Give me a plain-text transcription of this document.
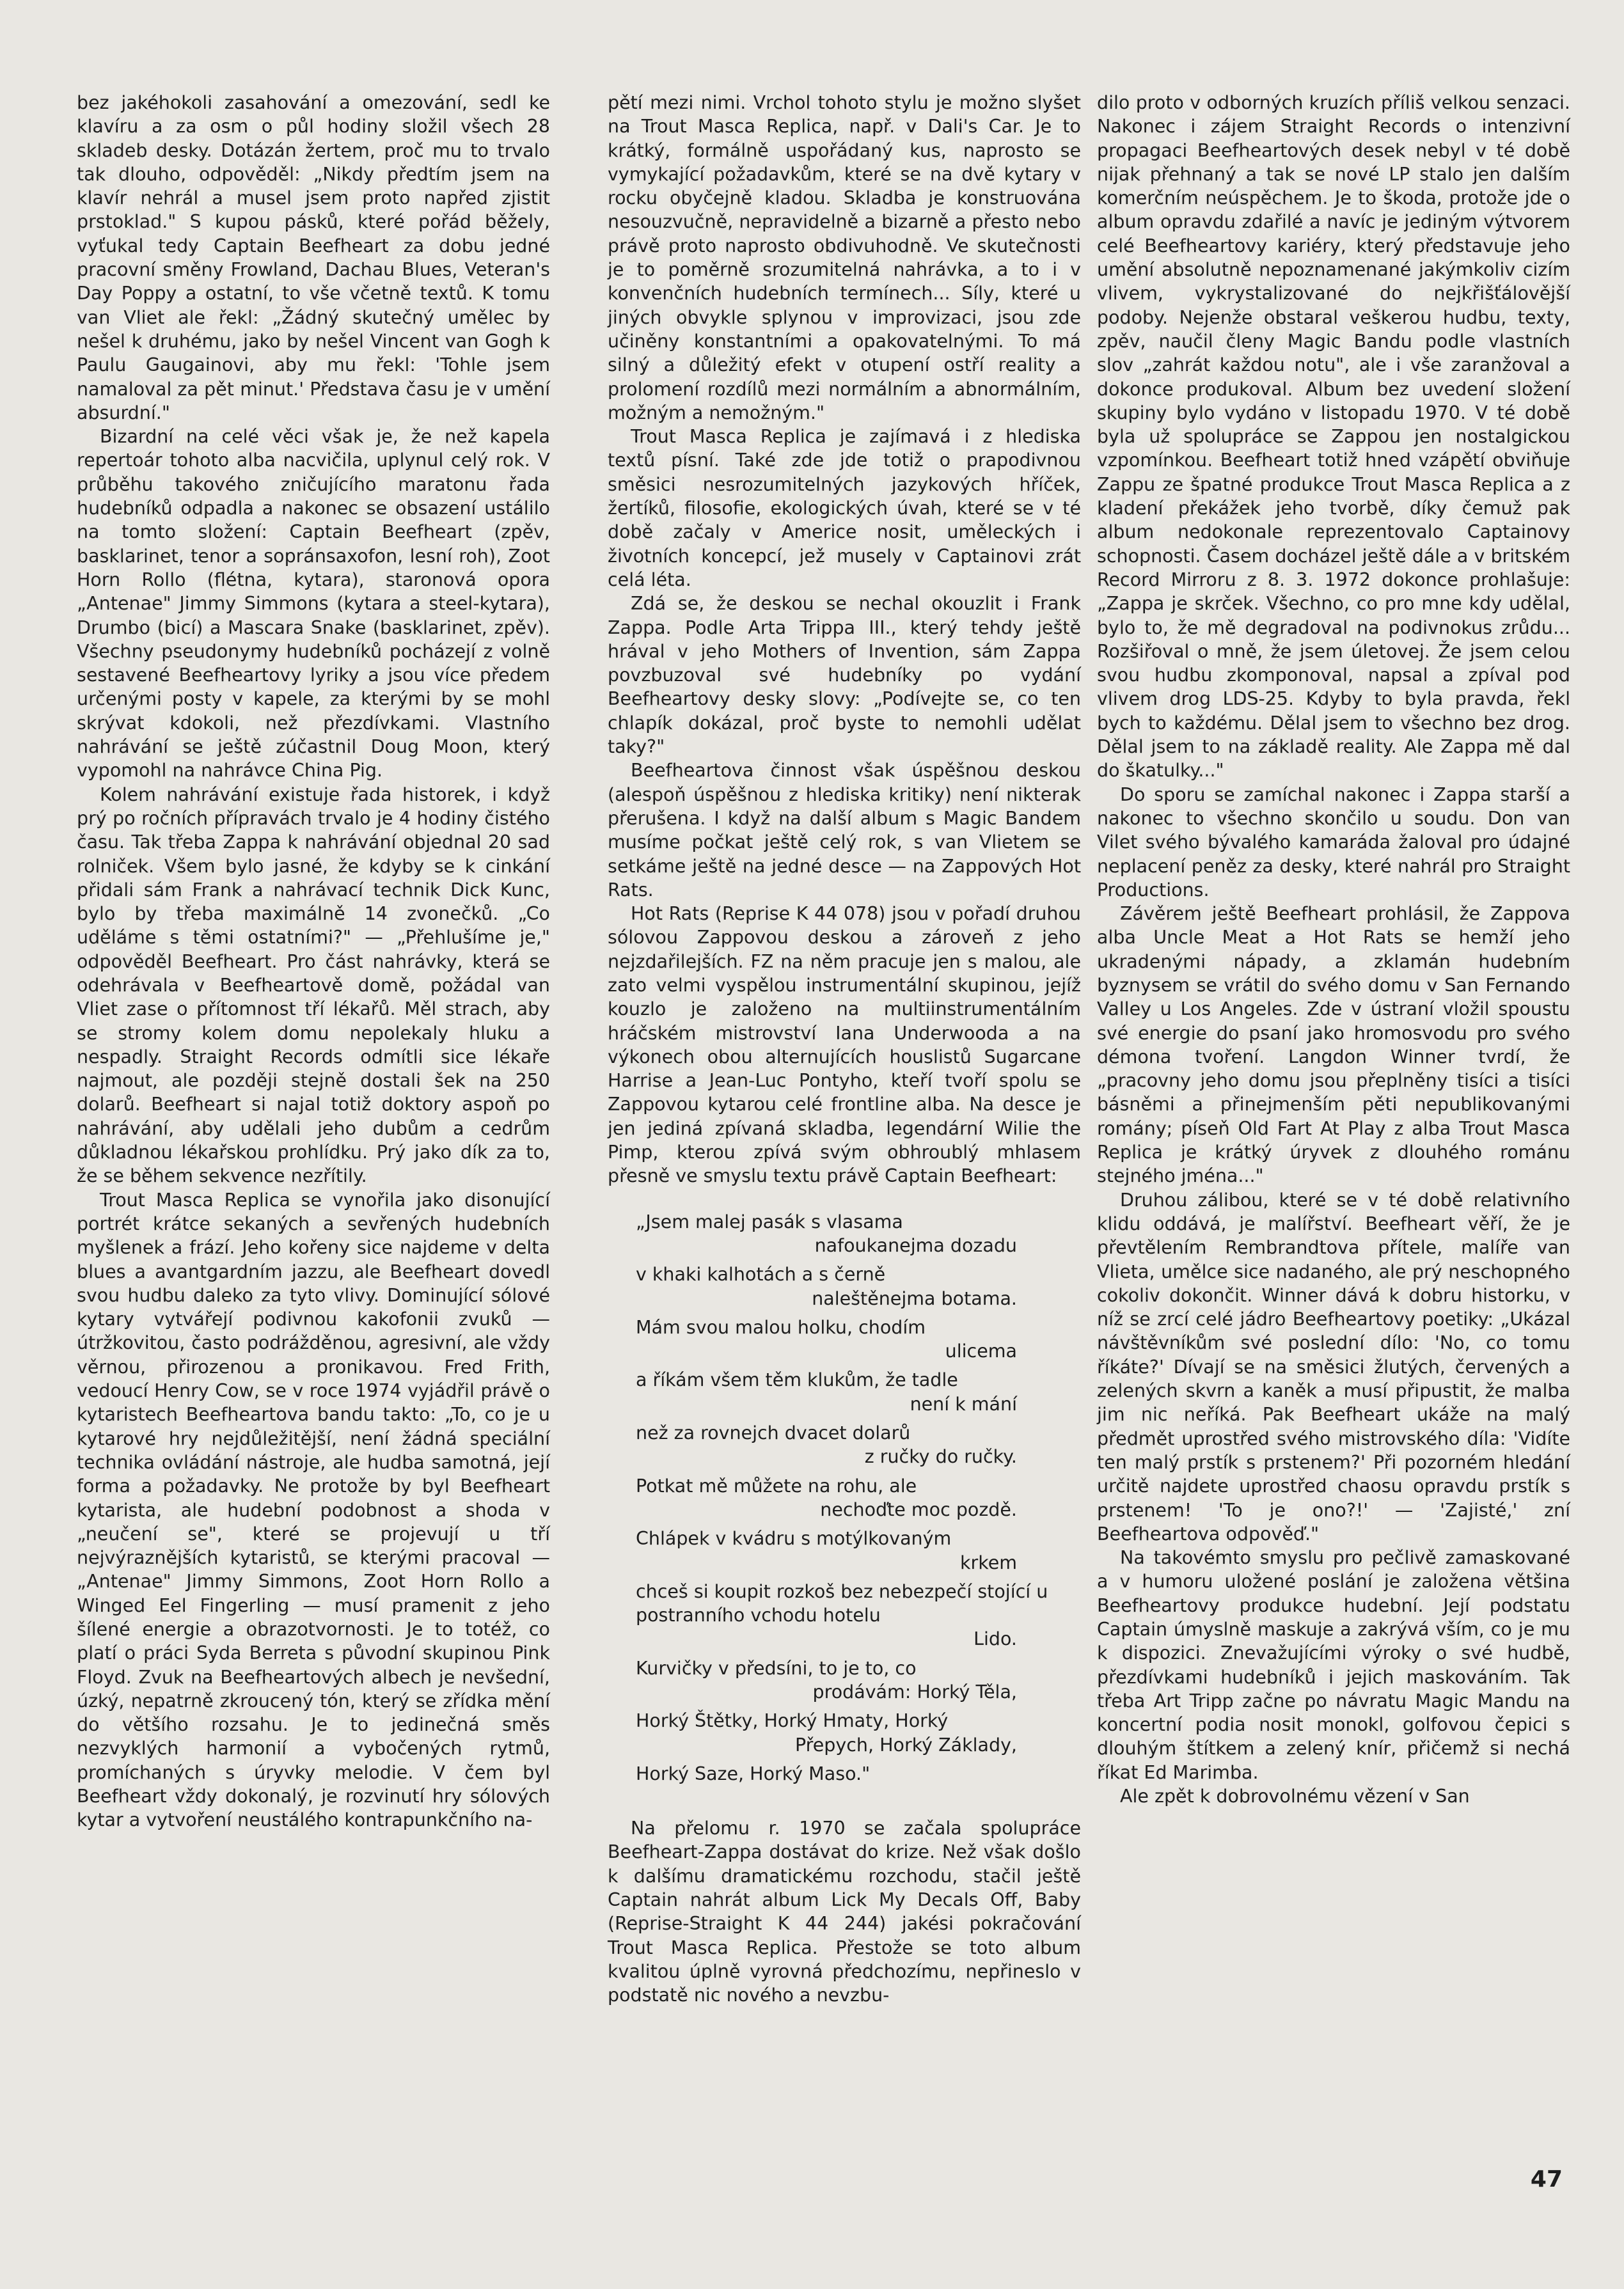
bez jakéhokoli zasahování a omezování, sedl ke klavíru a za osm o půl hodiny složil všech 28 skladeb desky. Dotázán žertem, proč mu to trvalo tak dlouho, odpověděl: „Nikdy předtím jsem na klavír nehrál a musel jsem proto napřed zjistit prstoklad." S kupou pásků, které pořád běžely, vyťukal tedy Captain Beefheart za dobu jedné pracovní směny Frowland, Dachau Blues, Veteran's Day Poppy a ostatní, to vše včetně textů. K tomu van Vliet ale řekl: „Žádný skutečný umělec by nešel k druhému, jako by nešel Vincent van Gogh k Paulu Gaugainovi, aby mu řekl: 'Tohle jsem namaloval za pět minut.' Představa času je v umění absurdní."

Bizardní na celé věci však je, že než kapela repertoár tohoto alba nacvičila, uplynul celý rok. V průběhu takového zničujícího maratonu řada hudebníků odpadla a nakonec se obsazení ustálilo na tomto složení: Captain Beefheart (zpěv, basklarinet, tenor a sopránsaxofon, lesní roh), Zoot Horn Rollo (flétna, kytara), staronová opora „Antenae" Jimmy Simmons (kytara a steel-kytara), Drumbo (bicí) a Mascara Snake (basklarinet, zpěv). Všechny pseudonymy hudebníků pocházejí z volně sestavené Beefheartovy lyriky a jsou více předem určenými posty v kapele, za kterými by se mohl skrývat kdokoli, než přezdívkami. Vlastního nahrávání se ještě zúčastnil Doug Moon, který vypomohl na nahrávce China Pig.

Kolem nahrávání existuje řada historek, i když prý po ročních přípravách trvalo je 4 hodiny čistého času. Tak třeba Zappa k nahrávání objednal 20 sad rolniček. Všem bylo jasné, že kdyby se k cinkání přidali sám Frank a nahrávací technik Dick Kunc, bylo by třeba maximálně 14 zvonečků. „Co uděláme s těmi ostatními?" — „Přehlušíme je," odpověděl Beefheart. Pro část nahrávky, která se odehrávala v Beefheartově domě, požádal van Vliet zase o přítomnost tří lékařů. Měl strach, aby se stromy kolem domu nepolekaly hluku a nespadly. Straight Records odmítli sice lékaře najmout, ale později stejně dostali šek na 250 dolarů. Beefheart si najal totiž doktory aspoň po nahrávání, aby udělali jeho dubům a cedrům důkladnou lékařskou prohlídku. Prý jako dík za to, že se během sekvence nezřítily.

Trout Masca Replica se vynořila jako disonující portrét krátce sekaných a sevřených hudebních myšlenek a frází. Jeho kořeny sice najdeme v delta blues a avantgardním jazzu, ale Beefheart dovedl svou hudbu daleko za tyto vlivy. Dominující sólové kytary vytvářejí podivnou kakofonii zvuků — útržkovitou, často podrážděnou, agresivní, ale vždy věrnou, přirozenou a pronikavou. Fred Frith, vedoucí Henry Cow, se v roce 1974 vyjádřil právě o kytaristech Beefheartova bandu takto: „To, co je u kytarové hry nejdůležitější, není žádná speciální technika ovládání nástroje, ale hudba samotná, její forma a požadavky. Ne protože by byl Beefheart kytarista, ale hudební podobnost a shoda v „neučení se", které se projevují u tří nejvýraznějších kytaristů, se kterými pracoval — „Antenae" Jimmy Simmons, Zoot Horn Rollo a Winged Eel Fingerling — musí pramenit z jeho šílené energie a obrazotvornosti. Je to totéž, co platí o práci Syda Berreta s původní skupinou Pink Floyd. Zvuk na Beefheartových albech je nevšední, úzký, nepatrně zkroucený tón, který se zřídka mění do většího rozsahu. Je to jedinečná směs nezvyklých harmonií a vybočených rytmů, promíchaných s úryvky melodie. V čem byl Beefheart vždy dokonalý, je rozvinutí hry sólových kytar a vytvoření neustálého kontrapunkčního na-

pětí mezi nimi. Vrchol tohoto stylu je možno slyšet na Trout Masca Replica, např. v Dali's Car. Je to krátký, formálně uspořádaný kus, naprosto se vymykající požadavkům, které se na dvě kytary v rocku obyčejně kladou. Skladba je konstruována nesouzvučně, nepravidelně a bizarně a přesto nebo právě proto naprosto obdivuhodně. Ve skutečnosti je to poměrně srozumitelná nahrávka, a to i v konvenčních hudebních termínech... Síly, které u jiných obvykle splynou v improvizaci, jsou zde učiněny konstantními a opakovatelnými. To má silný a důležitý efekt v otupení ostří reality a prolomení rozdílů mezi normálním a abnormálním, možným a nemožným."

Trout Masca Replica je zajímavá i z hlediska textů písní. Také zde jde totiž o prapodivnou směsici nesrozumitelných jazykových hříček, žertíků, filosofie, ekologických úvah, které se v té době začaly v Americe nosit, uměleckých i životních koncepcí, jež musely v Captainovi zrát celá léta.

Zdá se, že deskou se nechal okouzlit i Frank Zappa. Podle Arta Trippa III., který tehdy ještě hrával v jeho Mothers of Invention, sám Zappa povzbuzoval své hudebníky po vydání Beefheartovy desky slovy: „Podívejte se, co ten chlapík dokázal, proč byste to nemohli udělat taky?"

Beefheartova činnost však úspěšnou deskou (alespoň úspěšnou z hlediska kritiky) není nikterak přerušena. I když na další album s Magic Bandem musíme počkat ještě celý rok, s van Vlietem se setkáme ještě na jedné desce — na Zappových Hot Rats.

Hot Rats (Reprise K 44 078) jsou v pořadí druhou sólovou Zappovou deskou a zároveň z jeho nejzdařilejších. FZ na něm pracuje jen s malou, ale zato velmi vyspělou instrumentální skupinou, jejíž kouzlo je založeno na multiinstrumentálním hráčském mistrovství Iana Underwooda a na výkonech obou alternujících houslistů Sugarcane Harrise a Jean-Luc Pontyho, kteří tvoří spolu se Zappovou kytarou celé frontline alba. Na desce je jen jediná zpívaná skladba, legendární Wilie the Pimp, kterou zpívá svým obhroublý mhlasem přesně ve smyslu textu právě Captain Beefheart:

„Jsem malej pasák s vlasama
nafoukanejma dozadu
v khaki kalhotách a s černě
naleštěnejma botama.
Mám svou malou holku, chodím
ulicema
a říkám všem těm klukům, že tadle
není k mání
než za rovnejch dvacet dolarů
z ručky do ručky.
Potkat mě můžete na rohu, ale
nechoďte moc pozdě.
Chlápek v kvádru s motýlkovaným
krkem
chceš si koupit rozkoš bez nebezpečí stojící u postranního vchodu hotelu
Lido.
Kurvičky v předsíni, to je to, co
prodávám: Horký Těla,
Horký Štětky, Horký Hmaty, Horký
Přepych, Horký Základy,
Horký Saze, Horký Maso."

Na přelomu r. 1970 se začala spolupráce Beefheart-Zappa dostávat do krize. Než však došlo k dalšímu dramatickému rozchodu, stačil ještě Captain nahrát album Lick My Decals Off, Baby (Reprise-Straight K 44 244) jakési pokračování Trout Masca Replica. Přestože se toto album kvalitou úplně vyrovná předchozímu, nepřineslo v podstatě nic nového a nevzbu-

dilo proto v odborných kruzích příliš velkou senzaci. Nakonec i zájem Straight Records o intenzivní propagaci Beefheartových desek nebyl v té době nijak přehnaný a tak se nové LP stalo jen dalším komerčním neúspěchem. Je to škoda, protože jde o album opravdu zdařilé a navíc je jediným výtvorem celé Beefheartovy kariéry, který představuje jeho umění absolutně nepoznamenané jakýmkoliv cizím vlivem, vykrystalizované do nejkřišťálovější podoby. Nejenže obstaral veškerou hudbu, texty, zpěv, naučil členy Magic Bandu podle vlastních slov „zahrát každou notu", ale i vše zaranžoval a dokonce produkoval. Album bez uvedení složení skupiny bylo vydáno v listopadu 1970. V té době byla už spolupráce se Zappou jen nostalgickou vzpomínkou. Beefheart totiž hned vzápětí obviňuje Zappu ze špatné produkce Trout Masca Replica a z kladení překážek jeho tvorbě, díky čemuž pak album nedokonale reprezentovalo Captainovy schopnosti. Časem docházel ještě dále a v britském Record Mirroru z 8. 3. 1972 dokonce prohlašuje: „Zappa je skrček. Všechno, co pro mne kdy udělal, bylo to, že mě degradoval na podivnokus zrůdu... Rozšiřoval o mně, že jsem úletovej. Že jsem celou svou hudbu zkomponoval, napsal a zpíval pod vlivem drog LDS-25. Kdyby to byla pravda, řekl bych to každému. Dělal jsem to všechno bez drog. Dělal jsem to na základě reality. Ale Zappa mě dal do škatulky..."

Do sporu se zamíchal nakonec i Zappa starší a nakonec to všechno skončilo u soudu. Don van Vilet svého bývalého kamaráda žaloval pro údajné neplacení peněz za desky, které nahrál pro Straight Productions.

Závěrem ještě Beefheart prohlásil, že Zappova alba Uncle Meat a Hot Rats se hemží jeho ukradenými nápady, a zklamán hudebním byznysem se vrátil do svého domu v San Fernando Valley u Los Angeles. Zde v ústraní vložil spoustu své energie do psaní jako hromosvodu pro svého démona tvoření. Langdon Winner tvrdí, že „pracovny jeho domu jsou přeplněny tisíci a tisíci básněmi a přinejmenším pěti nepublikovanými romány; píseň Old Fart At Play z alba Trout Masca Replica je krátký úryvek z dlouhého románu stejného jména..."

Druhou zálibou, které se v té době relativního klidu oddává, je malířství. Beefheart věří, že je převtělením Rembrandtova přítele, malíře van Vlieta, umělce sice nadaného, ale prý neschopného cokoliv dokončit. Winner dává k dobru historku, v níž se zrcí celé jádro Beefheartovy poetiky: „Ukázal návštěvníkům své poslední dílo: 'No, co tomu říkáte?' Dívají se na směsici žlutých, červených a zelených skvrn a kaněk a musí připustit, že malba jim nic neříká. Pak Beefheart ukáže na malý předmět uprostřed svého mistrovského díla: 'Vidíte ten malý prstík s prstenem?' Při pozorném hledání určitě najdete uprostřed chaosu opravdu prstík s prstenem! 'To je ono?!' — 'Zajisté,' zní Beefheartova odpověď."

Na takovémto smyslu pro pečlivě zamaskované a v humoru uložené poslání je založena většina Beefheartovy produkce hudební. Její podstatu Captain úmyslně maskuje a zakrývá vším, co je mu k dispozici. Znevažujícími výroky o své hudbě, přezdívkami hudebníků i jejich maskováním. Tak třeba Art Tripp začne po návratu Magic Mandu na koncertní podia nosit monokl, golfovou čepici s dlouhým štítkem a zelený knír, přičemž si nechá říkat Ed Marimba.

Ale zpět k dobrovolnému vězení v San

47
